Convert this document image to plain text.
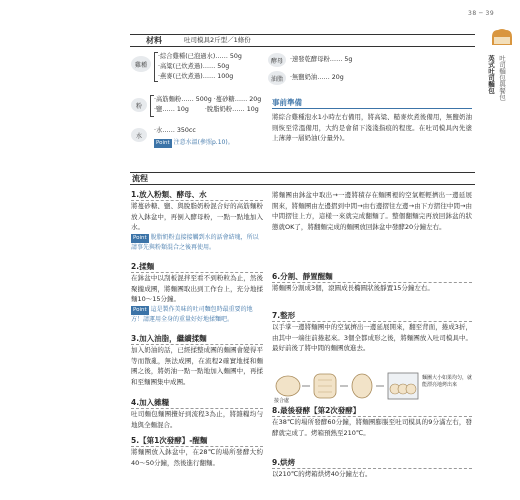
38 ─ 39
吐司麵包與餐包
英式吐司麵包
材料	吐司模具2斤型／1條份
雞種
·綜合雞種(已泡過水)…… 50g
·高粱(已炊煮過)…… 50g
·燕麥(已炊煮過)…… 100g
酵母	·速發乾酵母粉…… 5g
油脂	·無鹽奶油…… 20g
粉
·高筋麵粉…… 500g ·蔓砂糖…… 20g
·鹽…… 10g        ·脫脂奶粉…… 10g
水
·水…… 350cc
Point 注意水溫(參照p.10)。
事前準備
將綜合雞種泡水1小時左右備用，將高粱、糙麥炊煮後備用，無鹽奶油則恢至常溫備用，大約是會留下淺淺指痕的程度。在吐司模具內先塗上薄薄一層奶油(分量外)。
流程
1.放入粉類、酵母、水
將蔓砂糖、鹽、與脫脂奶粉混合好的高筋麵粉放入鉢盆中，再倒入酵母粉，一點一點地加入水。
Point 脫脂奶粉直接接觸到水的話會結塊，所以請事先與粉類混合之後再使用。
2.揉麵
在鉢盆中以刮板混拌至看不到粉粒為止，然後聚攏成團，將麵團取出到工作台上，充分地揉麵10～15分鐘。
Point 這是製作美味的吐司麵包時最重要的地方！請運用全身的重量好好地揉麵吧。
3.加入油脂，繼續揉麵
加入奶油的話，已經揉整成團的麵團會變得平等而散亂，無法成團，在流程2確實地揉和麵團之後，將奶油一點一點地加入麵團中，再揉和至麵團集中成團。
4.加入雜糧
吐司麵包麵團攪好到流程3為止，將雜糧均勻地與全麵混合。
5.【第1次發酵】-醒麵
將麵團放入鉢盆中，在28℃的場所發酵大約40～50分鐘，然後進行翻麵。
將麵團由鉢盆中取出→一邊將積存在麵團裡的空氣輕輕擠出一邊延展開來，將麵團由左邊摺到中間→由右邊摺往左邊→由下方摺往中間→由中間摺往上方，這樣一來就完成翻麵了。整個翻麵完再放回鉢盆的狀態就OK了，將翻麵完成的麵團放回鉢盆中發酵20分鐘左右。
6.分割、靜置醒麵
將麵團分割成3個，滾圓成長橢圓狀後靜置15分鐘左右。
7.整形
以手掌一邊將麵團中的空氣擠出一邊延展開來，翻至背面，捲成3折，由其中一端往前捲起來。3個全都成形之後，將麵團放入吐司模具中。最好前後了將中間的麵團放進去。
接合處
麵團大小如果均匀，就能漂亮地烤出來
8.最後發酵【第2次發酵】
在38℃的場所發酵60分鐘，將麵團膨脹至吐司模具的9分滿左右，發酵就完成了。烤箱預熱至210℃。
9.烘烤
以210℃的烤箱烘烤40分鐘左右。
